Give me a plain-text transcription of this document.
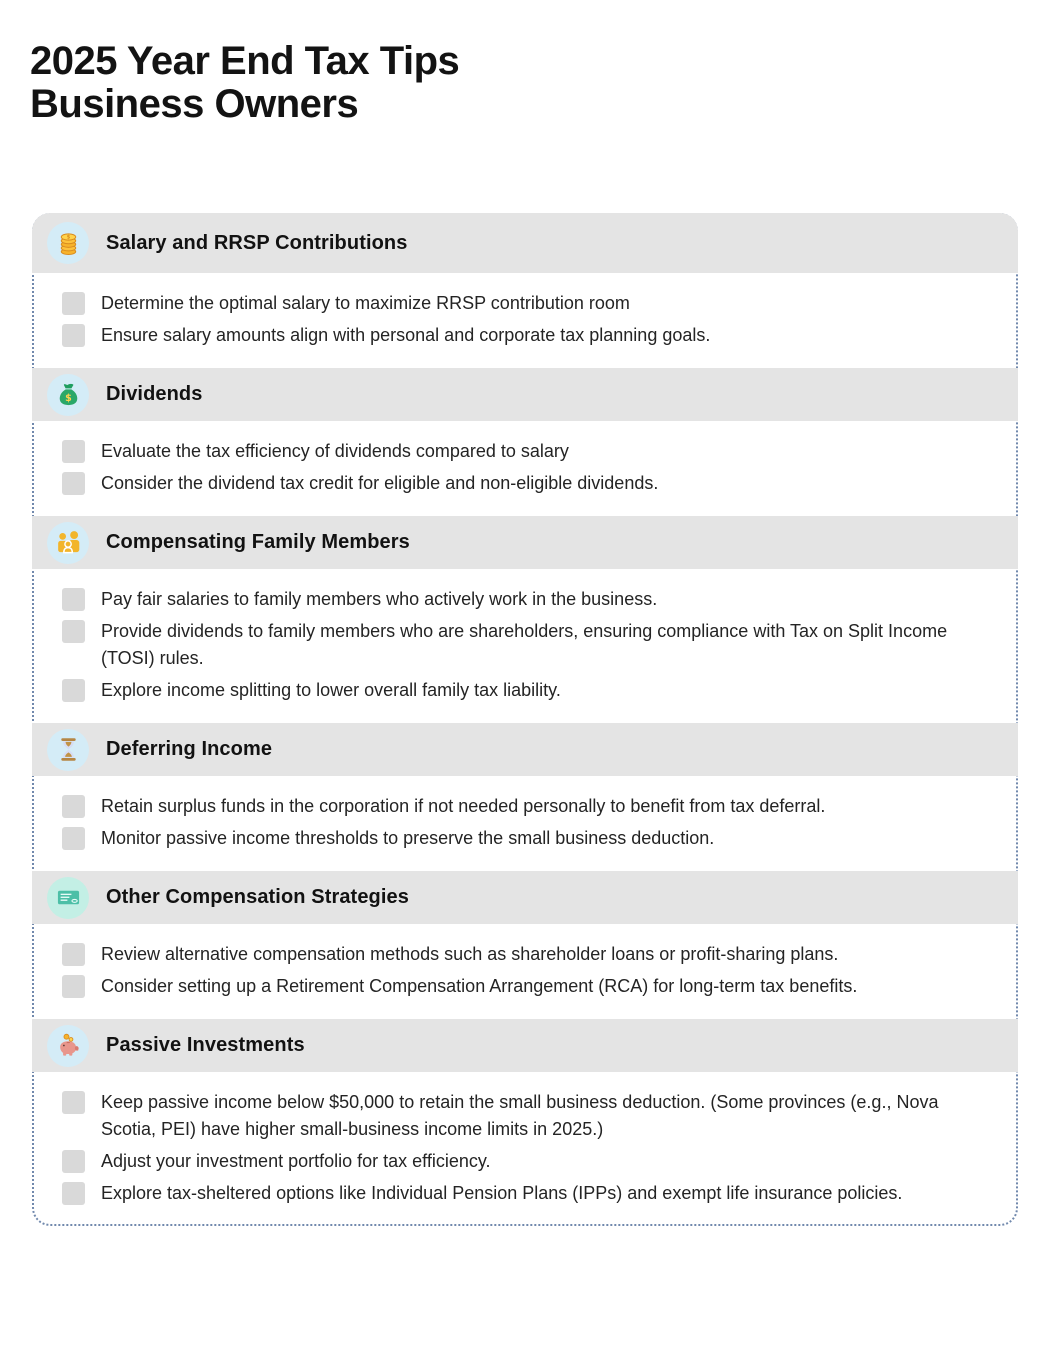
2025 Year End Tax Tips
Business Owners
$ Salary and RRSP Contributions
Determine the optimal salary to maximize RRSP contribution room
Ensure salary amounts align with personal and corporate tax planning goals.
$ Dividends
Evaluate the tax efficiency of dividends compared to salary
Consider the dividend tax credit for eligible and non-eligible dividends.
Compensating Family Members
Pay fair salaries to family members who actively work in the business.
Provide dividends to family members who are shareholders, ensuring compliance with Tax on Split Income (TOSI) rules.
Explore income splitting to lower overall family tax liability.
Deferring Income
Retain surplus funds in the corporation if not needed personally to benefit from tax deferral.
Monitor passive income thresholds to preserve the small business deduction.
Other Compensation Strategies
Review alternative compensation methods such as shareholder loans or profit-sharing plans.
Consider setting up a Retirement Compensation Arrangement (RCA) for long-term tax benefits.
Passive Investments
Keep passive income below $50,000 to retain the small business deduction. (Some provinces (e.g., Nova Scotia, PEI) have higher small-business income limits in 2025.)
Adjust your investment portfolio for tax efficiency.
Explore tax-sheltered options like Individual Pension Plans (IPPs) and exempt life insurance policies.
